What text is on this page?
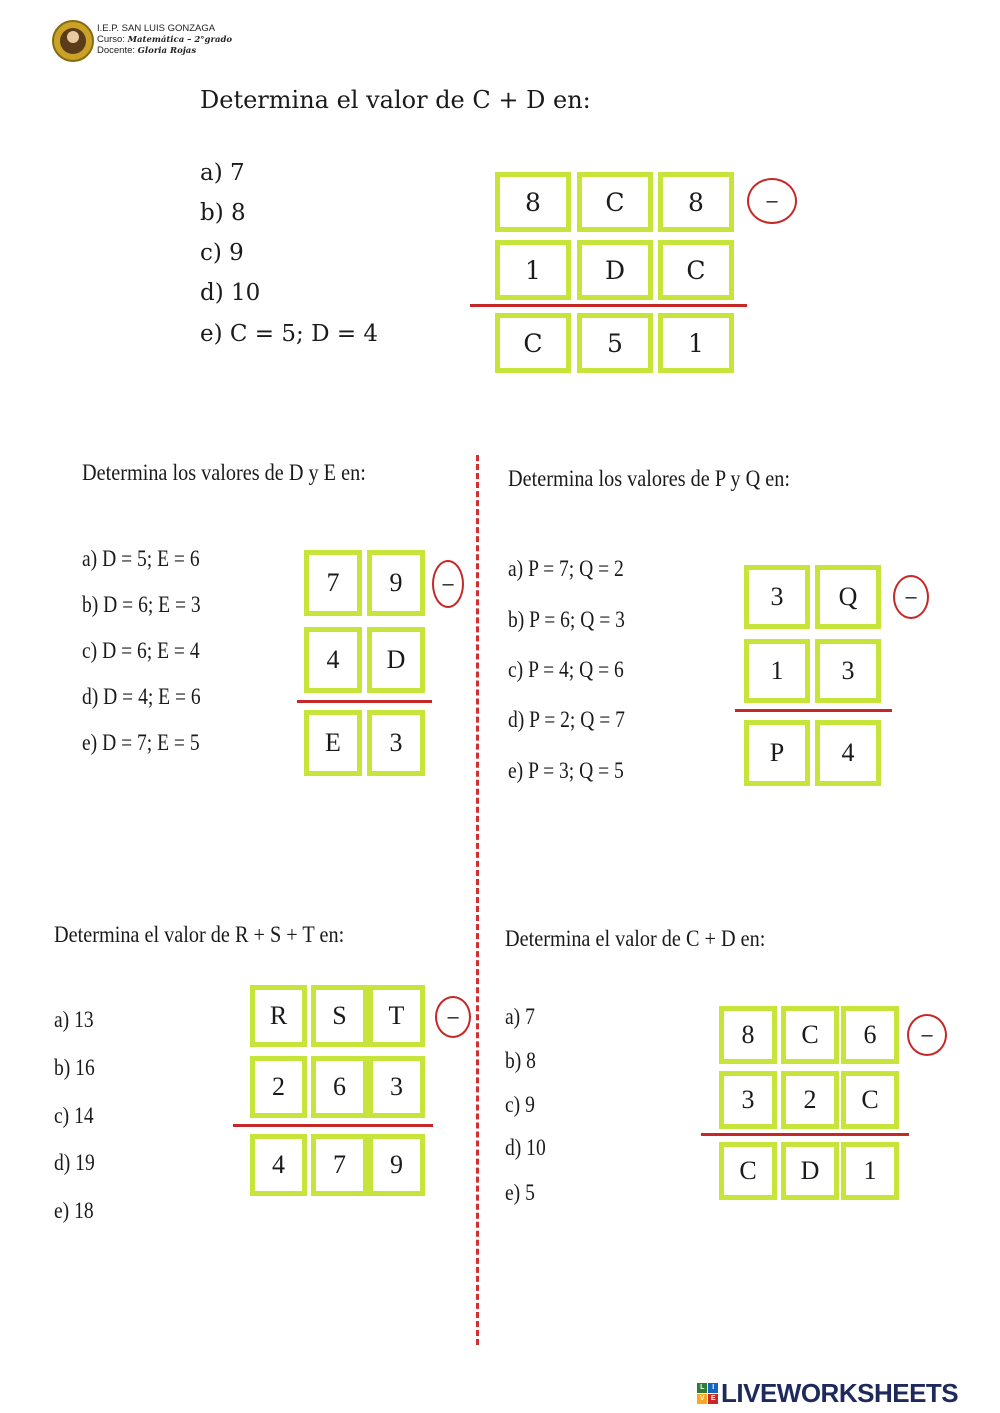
I.E.P. SAN LUIS GONZAGA
Curso: Matemática – 2°grado
Docente: Gloria Rojas
Determina el valor de C + D en:
a) 7
b) 8
c) 9
d) 10
e) C = 5; D = 4
8	C	8
1	D	C
C	5	1
–
Determina los valores de D y E en:
a) D = 5; E = 6
b) D = 6; E = 3
c) D = 6; E = 4
d) D = 4; E = 6
e) D = 7; E = 5
7	9
4	D
E	3
–
Determina los valores de P y Q en:
a) P = 7; Q = 2
b) P = 6; Q = 3
c) P = 4; Q = 6
d) P = 2; Q = 7
e) P = 3; Q = 5
3	Q
1	3
P	4
–
Determina el valor de R + S + T en:
a) 13
b) 16
c) 14
d) 19
e) 18
R	S	T
2	6	3
4	7	9
–
Determina el valor de C + D en:
a) 7
b) 8
c) 9
d) 10
e) 5
8	C	6
3	2	C
C	D	1
–
L	I
V E LIVEWORKSHEETS
